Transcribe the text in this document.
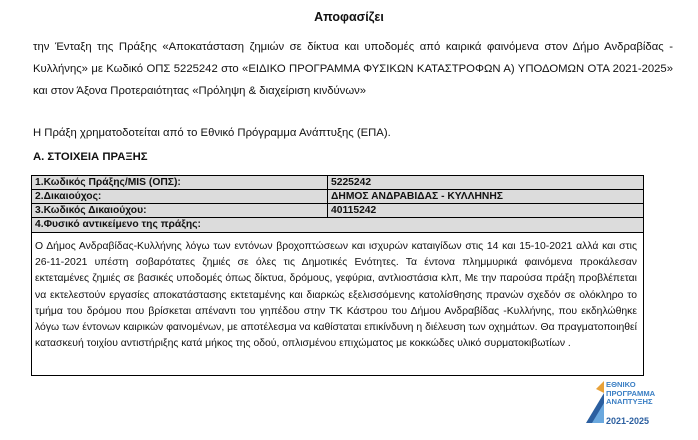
Αποφασίζει
την Ένταξη της Πράξης «Αποκατάσταση ζημιών σε δίκτυα και υποδομές από καιρικά φαινόμενα στον Δήμο Ανδραβίδας - Κυλλήνης» με Κωδικό ΟΠΣ 5225242 στο «ΕΙΔΙΚΟ ΠΡΟΓΡΑΜΜΑ ΦΥΣΙΚΩΝ ΚΑΤΑΣΤΡΟΦΩΝ Α) ΥΠΟΔΟΜΩΝ ΟΤΑ 2021-2025» και στον Άξονα Προτεραιότητας «Πρόληψη & διαχείριση κινδύνων»
Η Πράξη χρηματοδοτείται από το Εθνικό Πρόγραμμα Ανάπτυξης (ΕΠΑ).
Α. ΣΤΟΙΧΕΙΑ ΠΡΑΞΗΣ
1.Κωδικός Πράξης/MIS (ΟΠΣ):	5225242
2.Δικαιούχος:	ΔΗΜΟΣ ΑΝΔΡΑΒΙΔΑΣ - ΚΥΛΛΗΝΗΣ
3.Κωδικός Δικαιούχου:	40115242
4.Φυσικό αντικείμενο της πράξης:
Ο Δήμος Ανδραβίδας-Κυλλήνης λόγω των εντόνων βροχοπτώσεων και ισχυρών καταιγίδων στις 14 και 15-10-2021 αλλά και στις 26-11-2021 υπέστη σοβαρότατες ζημιές σε όλες τις Δημοτικές Ενότητες. Τα έντονα πλημμυρικά φαινόμενα προκάλεσαν εκτεταμένες ζημιές σε βασικές υποδομές όπως δίκτυα, δρόμους, γεφύρια, αντλιοστάσια κλπ, Με την παρούσα πράξη προβλέπεται να εκτελεστούν εργασίες αποκατάστασης εκτεταμένης και διαρκώς εξελισσόμενης κατολίσθησης πρανών σχεδόν σε ολόκληρο το τμήμα του δρόμου που βρίσκεται απέναντι του γηπέδου στην ΤΚ Κάστρου του Δήμου Ανδραβίδας -Κυλλήνης, που εκδηλώθηκε λόγω των έντονων καιρικών φαινομένων, με αποτέλεσμα να καθίσταται επικίνδυνη η διέλευση των οχημάτων. Θα πραγματοποιηθεί κατασκευή τοιχίου αντιστήριξης κατά μήκος της οδού, οπλισμένου επιχώματος με κοκκώδες υλικό συρματοκιβωτίων .
ΕΘΝΙΚΟ
ΠΡΟΓΡΑΜΜΑ
ΑΝΑΠΤΥΞΗΣ
2021-2025
